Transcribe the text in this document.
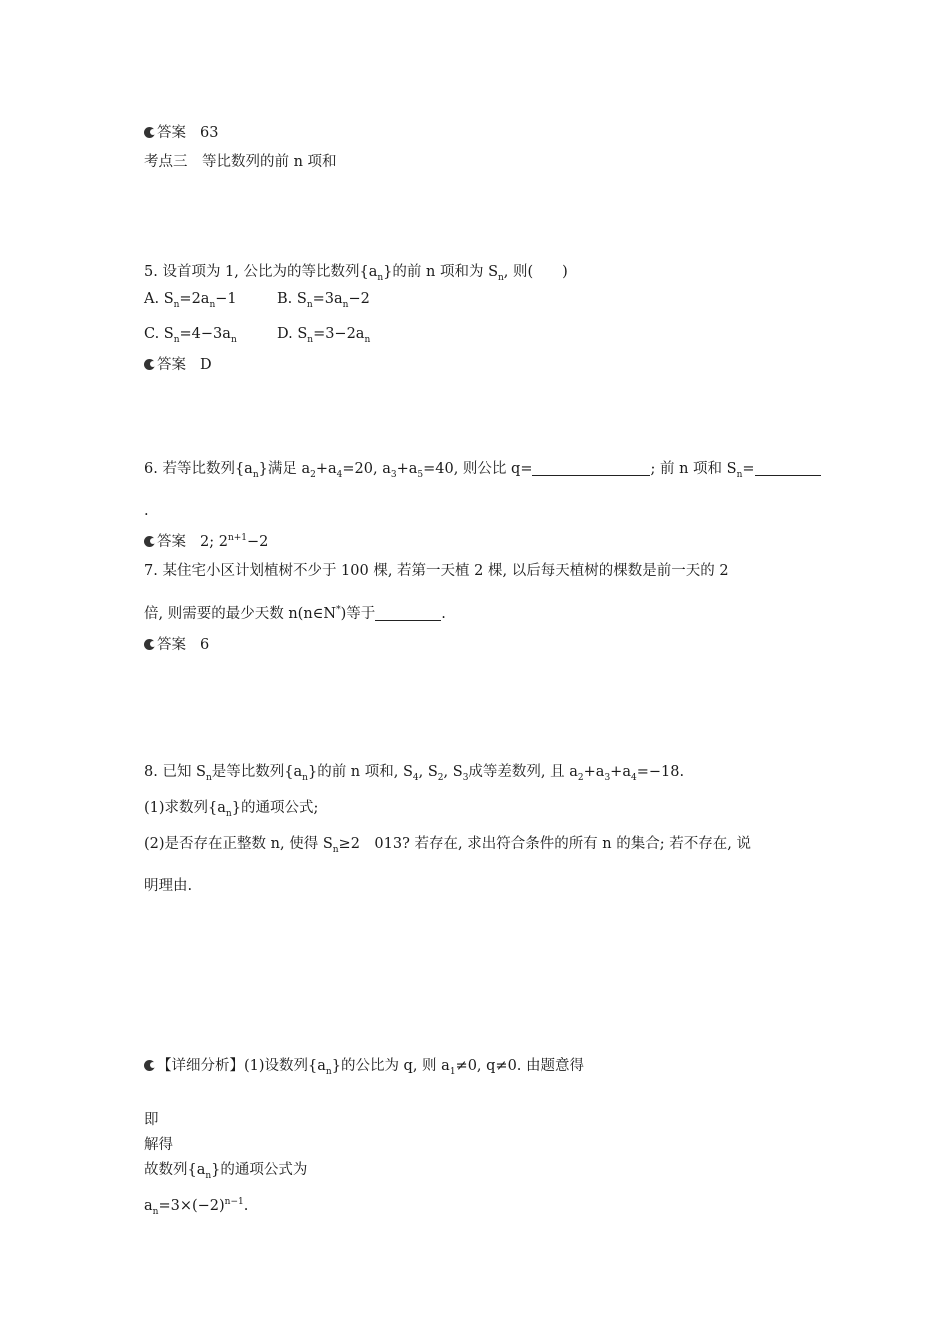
答案 63
考点三　等比数列的前 n 项和
5. 设首项为 1, 公比为的等比数列$\{a_n\}$的前 n 项和为 $S_n$, 则(　　)
A. $S_n=2a_n-1$	B. $S_n=3a_n-2$
C. $S_n=4-3a_n$	D. $S_n=3-2a_n$
答案 D
6. 若等比数列$\{a_n\}$满足 $a_2+a_4=20$, $a_3+a_5=40$, 则公比 q=	; 前 n 项和 $S_n=$
.
答案 2; $2^{n+1}-2$
7. 某住宅小区计划植树不少于 100 棵, 若第一天植 2 棵, 以后每天植树的棵数是前一天的 2
倍, 则需要的最少天数 n(n∈N*)等于	.
答案 6
8. 已知 $S_n$是等比数列$\{a_n\}$的前 n 项和, $S_4$, $S_2$, $S_3$成等差数列, 且 $a_2+a_3+a_4=-18$.
(1)求数列$\{a_n\}$的通项公式;
(2)是否存在正整数 n, 使得 $S_n\ge 2$　013? 若存在, 求出符合条件的所有 n 的集合; 若不存在, 说
明理由.
【详细分析】(1)设数列$\{a_n\}$的公比为 q, 则 $a_1\ne 0$, q≠0. 由题意得
即
解得
故数列$\{a_n\}$的通项公式为
$a_n=3\times(-2)^{n-1}$.
